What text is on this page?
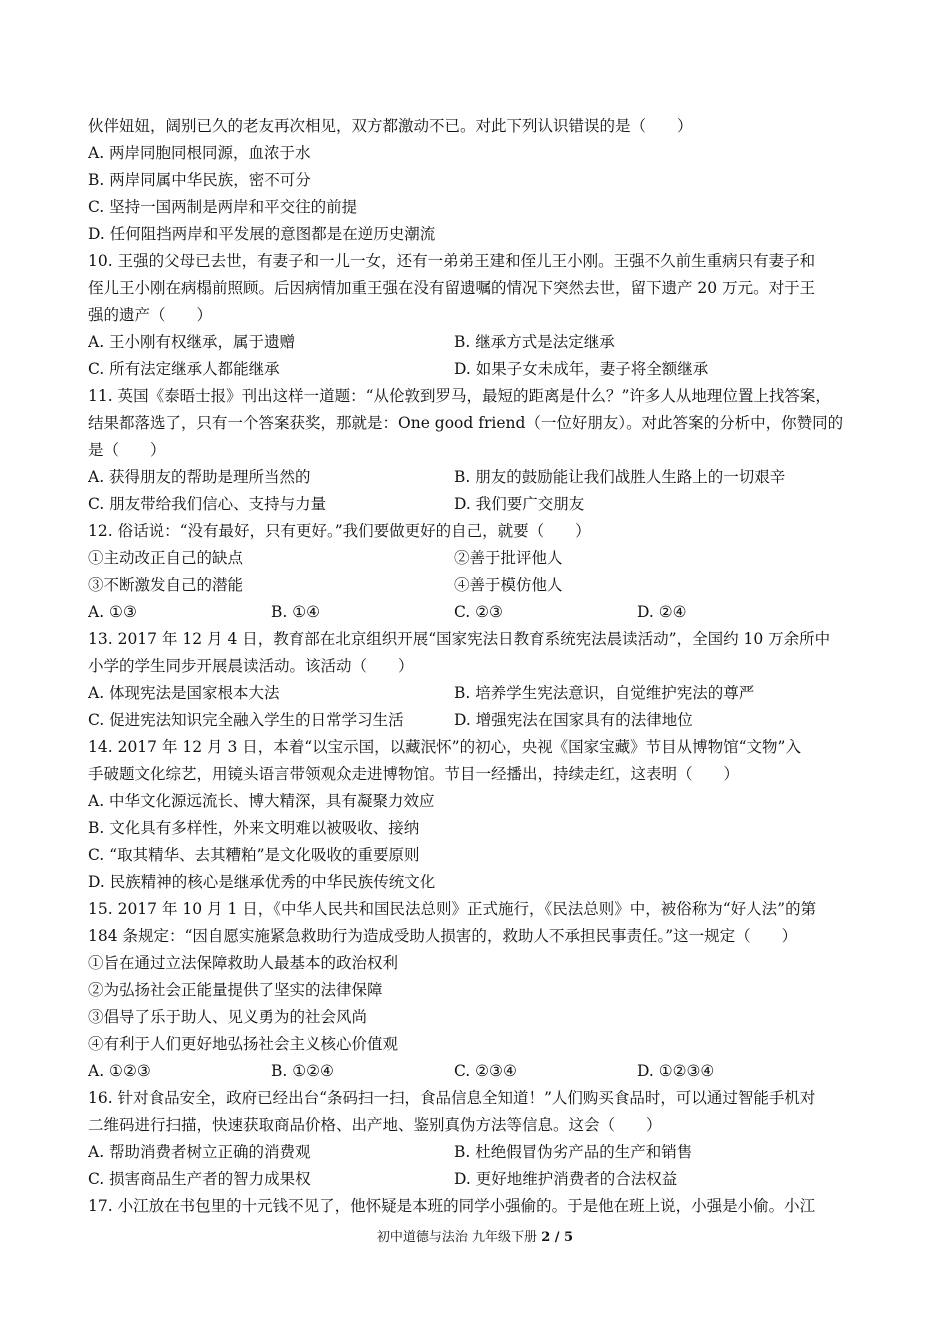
伙伴妞妞，阔别已久的老友再次相见，双方都激动不已。对此下列认识错误的是（　　）
A. 两岸同胞同根同源，血浓于水
B. 两岸同属中华民族，密不可分
C. 坚持一国两制是两岸和平交往的前提
D. 任何阻挡两岸和平发展的意图都是在逆历史潮流
10. 王强的父母已去世，有妻子和一儿一女，还有一弟弟王建和侄儿王小刚。王强不久前生重病只有妻子和
侄儿王小刚在病榻前照顾。后因病情加重王强在没有留遗嘱的情况下突然去世，留下遗产 20 万元。对于王
强的遗产（　　）
A. 王小刚有权继承，属于遗赠	B. 继承方式是法定继承
C. 所有法定继承人都能继承	D. 如果子女未成年，妻子将全额继承
11. 英国《泰晤士报》刊出这样一道题：“从伦敦到罗马，最短的距离是什么？”许多人从地理位置上找答案，
结果都落选了，只有一个答案获奖，那就是：One good friend（一位好朋友）。对此答案的分析中，你赞同的
是（　　）
A. 获得朋友的帮助是理所当然的	B. 朋友的鼓励能让我们战胜人生路上的一切艰辛
C. 朋友带给我们信心、支持与力量	D. 我们要广交朋友
12. 俗话说：“没有最好，只有更好。”我们要做更好的自己，就要（　　）
①主动改正自己的缺点	②善于批评他人
③不断激发自己的潜能	④善于模仿他人
A. ①③	B. ①④	C. ②③	D. ②④
13. 2017 年 12 月 4 日，教育部在北京组织开展“国家宪法日教育系统宪法晨读活动”，全国约 10 万余所中
小学的学生同步开展晨读活动。该活动（　　）
A. 体现宪法是国家根本大法	B. 培养学生宪法意识，自觉维护宪法的尊严
C. 促进宪法知识完全融入学生的日常学习生活	D. 增强宪法在国家具有的法律地位
14. 2017 年 12 月 3 日，本着“以宝示国，以藏泯怀”的初心，央视《国家宝藏》节目从博物馆“文物”入
手破题文化综艺，用镜头语言带领观众走进博物馆。节目一经播出，持续走红，这表明（　　）
A. 中华文化源远流长、博大精深，具有凝聚力效应
B. 文化具有多样性，外来文明难以被吸收、接纳
C. “取其精华、去其糟粕”是文化吸收的重要原则
D. 民族精神的核心是继承优秀的中华民族传统文化
15. 2017 年 10 月 1 日，《中华人民共和国民法总则》正式施行，《民法总则》中，被俗称为“好人法”的第
184 条规定：“因自愿实施紧急救助行为造成受助人损害的，救助人不承担民事责任。”这一规定（　　）
①旨在通过立法保障救助人最基本的政治权利
②为弘扬社会正能量提供了坚实的法律保障
③倡导了乐于助人、见义勇为的社会风尚
④有利于人们更好地弘扬社会主义核心价值观
A. ①②③	B. ①②④	C. ②③④	D. ①②③④
16. 针对食品安全，政府已经出台“条码扫一扫，食品信息全知道！”人们购买食品时，可以通过智能手机对
二维码进行扫描，快速获取商品价格、出产地、鉴别真伪方法等信息。这会（　　）
A. 帮助消费者树立正确的消费观	B. 杜绝假冒伪劣产品的生产和销售
C. 损害商品生产者的智力成果权	D. 更好地维护消费者的合法权益
17. 小江放在书包里的十元钱不见了，他怀疑是本班的同学小强偷的。于是他在班上说，小强是小偷。小江
初中道德与法治 九年级下册 2 / 5
